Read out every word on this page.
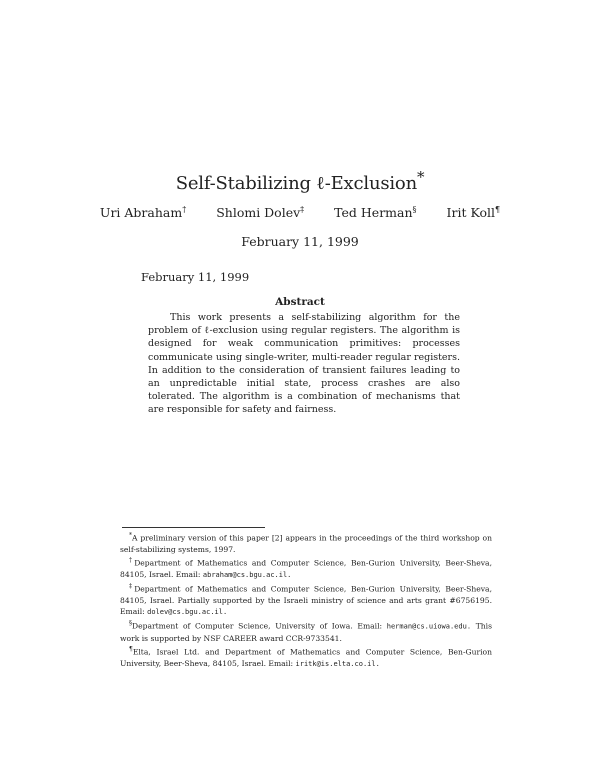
Self-Stabilizing ℓ-Exclusion*
Uri Abraham† Shlomi Dolev‡ Ted Herman§ Irit Koll¶
February 11, 1999
February 11, 1999
Abstract
This work presents a self-stabilizing algorithm for the problem of ℓ-exclusion using regular registers. The algorithm is designed for weak communication primitives: processes communicate using single-writer, multi-reader regular registers. In addition to the consideration of transient failures leading to an unpredictable initial state, process crashes are also tolerated. The algorithm is a combination of mechanisms that are responsible for safety and fairness.

*A preliminary version of this paper [2] appears in the proceedings of the third workshop on self-stabilizing systems, 1997.

†Department of Mathematics and Computer Science, Ben-Gurion University, Beer-Sheva, 84105, Israel. Email: abraham@cs.bgu.ac.il.

‡Department of Mathematics and Computer Science, Ben-Gurion University, Beer-Sheva, 84105, Israel. Partially supported by the Israeli ministry of science and arts grant #6756195. Email: dolev@cs.bgu.ac.il.

§Department of Computer Science, University of Iowa. Email: herman@cs.uiowa.edu. This work is supported by NSF CAREER award CCR-9733541.

¶Elta, Israel Ltd. and Department of Mathematics and Computer Science, Ben-Gurion University, Beer-Sheva, 84105, Israel. Email: iritk@is.elta.co.il.
